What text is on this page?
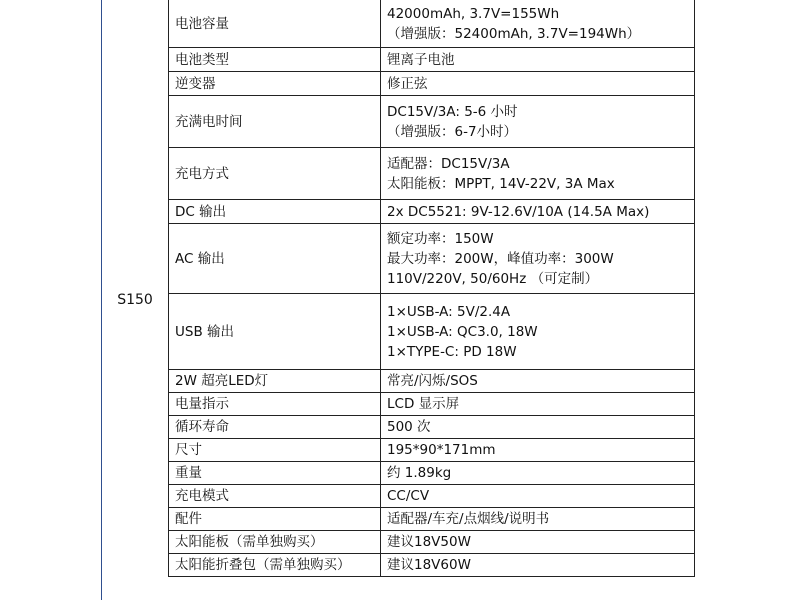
S150
电池容量	42000mAh, 3.7V=155Wh
（增强版：52400mAh, 3.7V=194Wh）

电池类型	锂离子电池

逆变器	修正弦

充满电时间	DC15V/3A: 5-6 小时
（增强版：6-7小时）

充电方式	适配器：DC15V/3A
太阳能板：MPPT, 14V-22V, 3A Max

DC 输出	2x DC5521: 9V-12.6V/10A (14.5A Max)

AC 输出	额定功率：150W
最大功率：200W，峰值功率：300W
110V/220V, 50/60Hz （可定制）

USB 输出	1×USB-A: 5V/2.4A
1×USB-A: QC3.0, 18W
1×TYPE-C: PD 18W

2W 超亮LED灯	常亮/闪烁/SOS

电量指示	LCD 显示屏

循环寿命	500 次

尺寸	195*90*171mm

重量	约 1.89kg

充电模式	CC/CV

配件	适配器/车充/点烟线/说明书

太阳能板（需单独购买）	建议18V50W

太阳能折叠包（需单独购买）	建议18V60W
